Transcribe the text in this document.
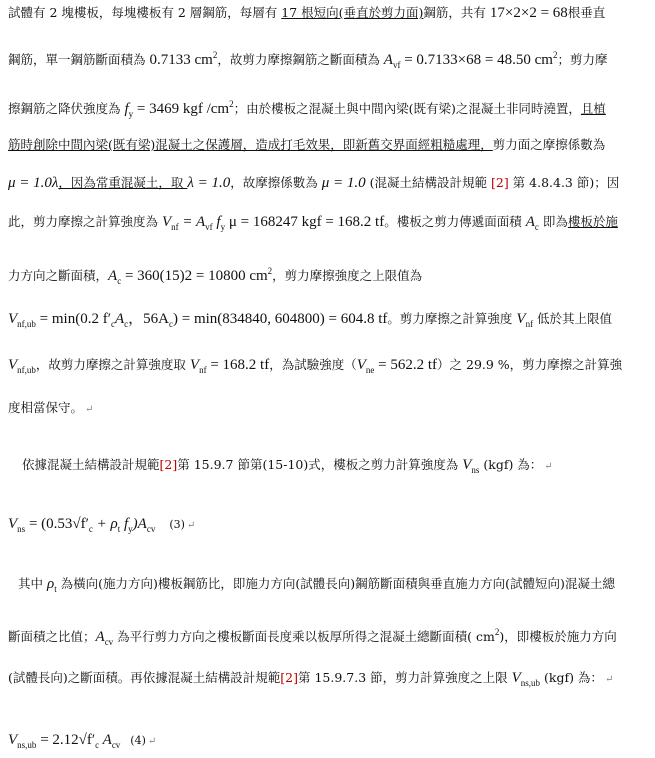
試體有 2 塊樓板，每塊樓板有 2 層鋼筋，每層有 17 根短向(垂直於剪力面)鋼筋，共有 17×2×2 = 68根垂直
鋼筋，單一鋼筋斷面積為 0.7133 $cm^2$，故剪力摩擦鋼筋之斷面積為 $A_{vf} = 0.7133\times 68 = 48.50$ $cm^2$；剪力摩
擦鋼筋之降伏強度為 $f_y = 3469$ kgf $/cm^2$；由於樓板之混凝土與中間內梁(既有梁)之混凝土非同時澆置，且植
筋時創除中間內梁(既有梁)混凝土之保護層，造成打毛效果，即新舊交界面經粗糙處理，剪力面之摩擦係數為
μ = 1.0λ，因為常重混凝土，取 λ = 1.0，故摩擦係數為 μ = 1.0 (混凝土結構設計規範 [2] 第 4.8.4.3 節)；因
此，剪力摩擦之計算強度為 $V_{nf} = A_{vf}$ $f_y$ μ = 168247 kgf = 168.2 tf。樓板之剪力傳遞面面積 $A_c$ 即為樓板於施
力方向之斷面積，$A_c = 360(15)2 = 10800$ $cm^2$，剪力摩擦強度之上限值為
$V_{nf,ub} = \min(0.2$ $f'_cA_c$，$56A_c) = \min(834840$, 604800) = 604.8 tf。剪力摩擦之計算強度 $V_{nf}$ 低於其上限值
$V_{nf,ub}$，故剪力摩擦之計算強度取 $V_{nf} = 168.2$ tf，為試驗強度（$V_{ne} = 562.2$ tf）之 29.9 %，剪力摩擦之計算強
度相當保守。 ↵
依據混凝土結構設計規範[2]第 15.9.7 節第(15-10)式，樓板之剪力計算強度為 $V_{ns}$ (kgf) 為： ↵
$V_{ns} = (0.53√f'_c + \rho_t$ $f_y)A_{cv}$ (3) ↵
其中 $\rho_t$ 為橫向(施力方向)樓板鋼筋比，即施力方向(試體長向)鋼筋斷面積與垂直施力方向(試體短向)混凝土總
斷面積之比值；$A_{cv}$ 為平行剪力方向之樓板斷面長度乘以板厚所得之混凝土總斷面積( $cm^2$)，即樓板於施力方向
(試體長向)之斷面積。再依據混凝土結構設計規範[2]第 15.9.7.3 節，剪力計算強度之上限 $V_{ns,ub}$ (kgf) 為： ↵
$V_{ns,ub} = 2.12√f'_c$ $A_{cv}$ (4) ↵
